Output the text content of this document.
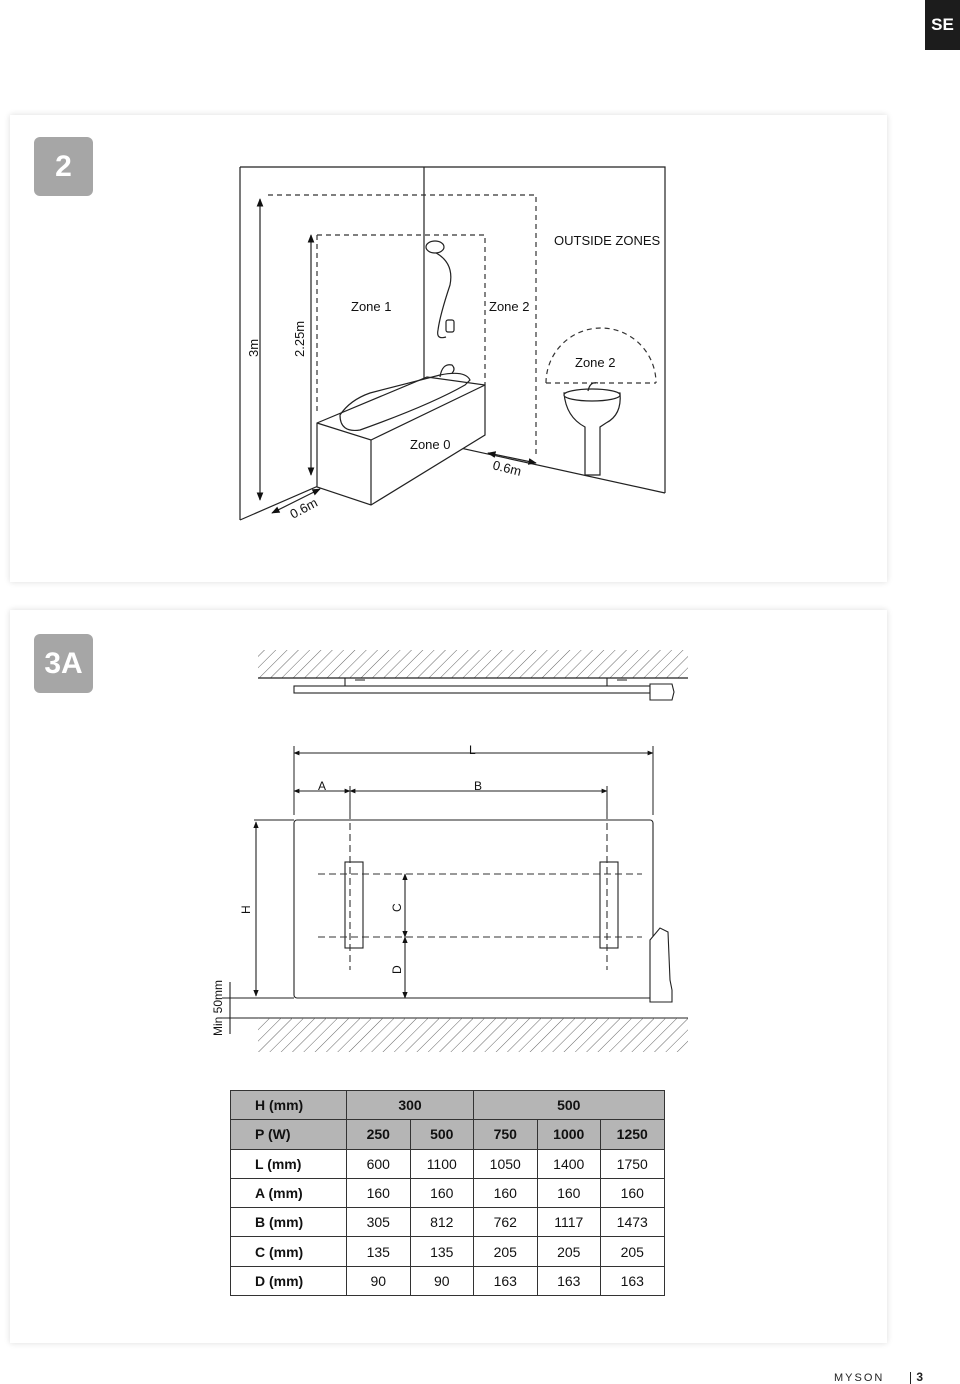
SE
2
OUTSIDE ZONES
Zone 1	Zone 2
Zone 2
Zone 0
3m 2.25m
0.6m
0.6m
3A
L
A	B
H	C
D
Min 50mm
H (mm)	300		500		
P (W)	250	500	750	1000	1250
L (mm)	600	1100	1050	1400	1750
A (mm)	160	160	160	160	160
B (mm)	305	812	762	1117	1473
C (mm)	135	135	205	205	205
D (mm)	90	90	163	163	163
MYSON	3
